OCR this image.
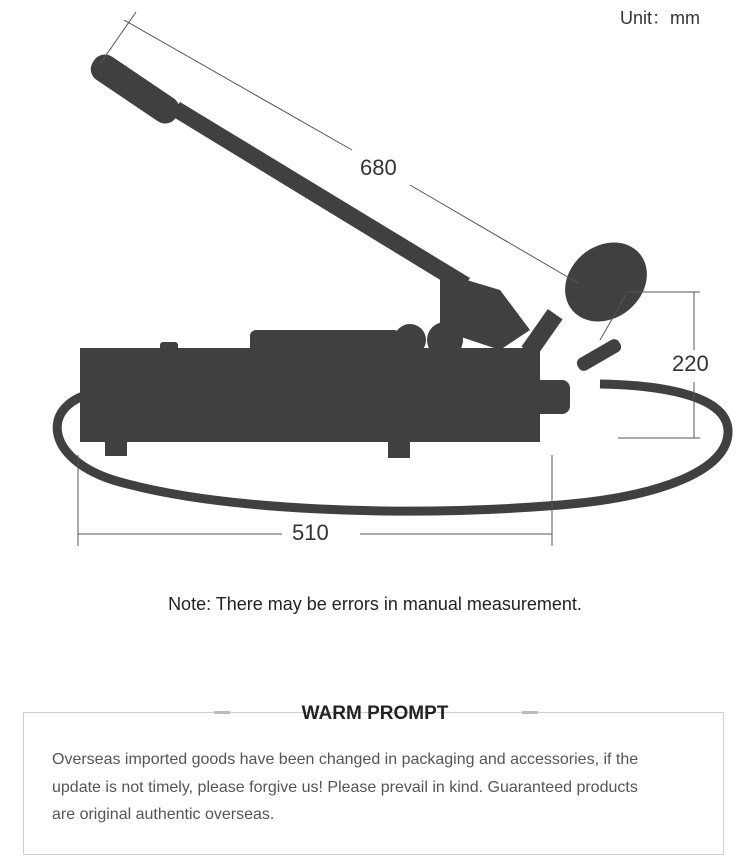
Unit：mm
680
220
510
Note: There may be errors in manual measurement.
WARM PROMPT
Overseas imported goods have been changed in packaging and accessories, if the
update is not timely, please forgive us! Please prevail in kind. Guaranteed products
are original authentic overseas.
